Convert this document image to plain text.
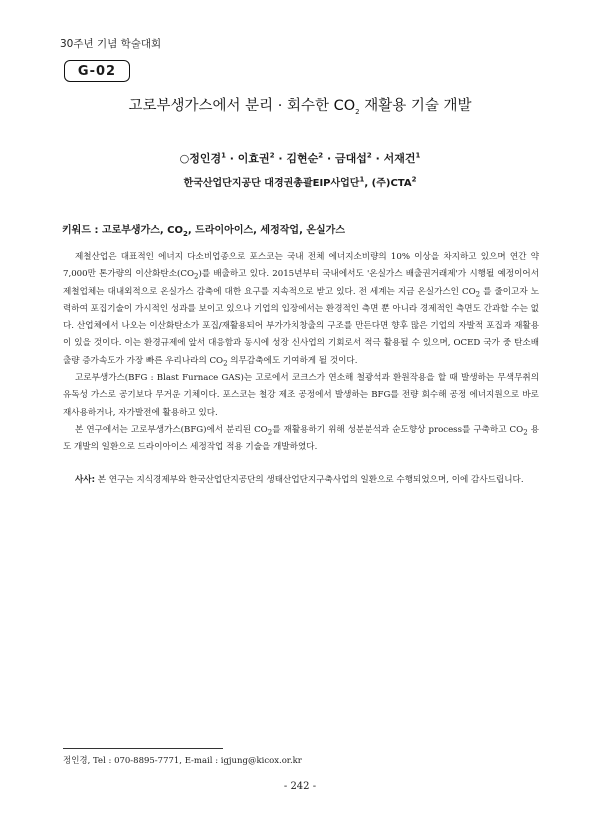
30주년 기념 학술대회
G-02
고로부생가스에서 분리 · 회수한 $CO_2$ 재활용 기술 개발
○정인경$^1$ · 이효권$^2$ · 김현순$^2$ · 금대섭$^2$ · 서재건$^1$
한국산업단지공단 대경권총괄EIP사업단$^1$, (주)CTA$^2$
키워드 : 고로부생가스, $CO_2$, 드라이아이스, 세정작업, 온실가스

제철산업은 대표적인 에너지 다소비업종으로 포스코는 국내 전체 에너지소비량의 10% 이상을 차지하고 있으며 연간 약 7,000만 톤가량의 이산화탄소$(CO_2)$를 배출하고 있다. 2015년부터 국내에서도 '온실가스 배출권거래제'가 시행될 예정이어서 제철업체는 대내외적으로 온실가스 감축에 대한 요구를 지속적으로 받고 있다. 전 세계는 지금 온실가스인 $CO_2$ 를 줄이고자 노력하여 포집기술이 가시적인 성과를 보이고 있으나 기업의 입장에서는 환경적인 측면 뿐 아니라 경제적인 측면도 간과할 수는 없다. 산업체에서 나오는 이산화탄소가 포집/재활용되어 부가가치창출의 구조를 만든다면 향후 많은 기업의 자발적 포집과 재활용이 있을 것이다. 이는 환경규제에 앞서 대응함과 동시에 성장 신사업의 기회로서 적극 활용될 수 있으며, OCED 국가 중 탄소배출량 증가속도가 가장 빠른 우리나라의 $CO_2$ 의무감축에도 기여하게 될 것이다.

고로부생가스(BFG : Blast Furnace GAS)는 고로에서 코크스가 연소해 철광석과 환원작용을 할 때 발생하는 무색무취의 유독성 가스로 공기보다 무거운 기체이다. 포스코는 철강 제조 공정에서 발생하는 BFG를 전량 회수해 공정 에너지원으로 바로 재사용하거나, 자가발전에 활용하고 있다.

본 연구에서는 고로부생가스(BFG)에서 분리된 $CO_2$를 재활용하기 위해 성분분석과 순도향상 process를 구축하고 $CO_2$ 용도 개발의 일환으로 드라이아이스 세정작업 적용 기술을 개발하였다.

사사: 본 연구는 지식경제부와 한국산업단지공단의 생태산업단지구축사업의 일환으로 수행되었으며, 이에 감사드립니다.

정인경, Tel : 070-8895-7771, E-mail : igjung@kicox.or.kr
- 242 -
